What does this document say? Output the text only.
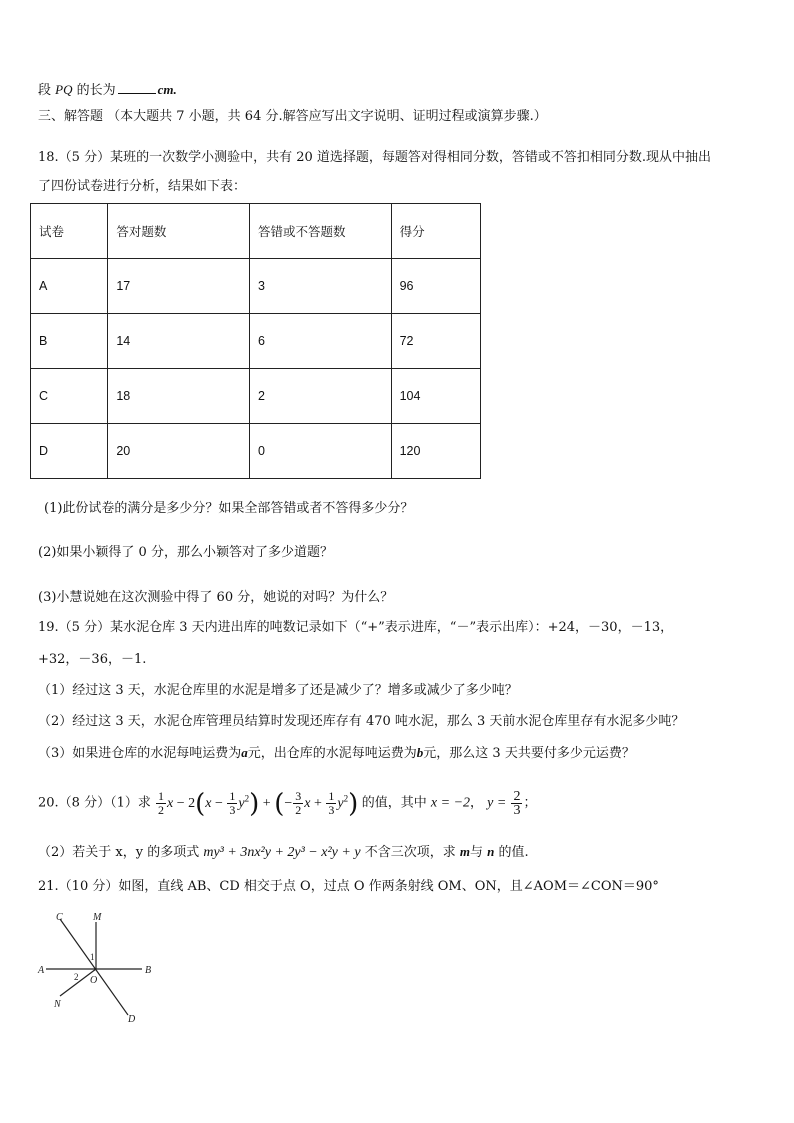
段 PQ 的长为	cm.
三、解答题 （本大题共 7 小题，共 64 分.解答应写出文字说明、证明过程或演算步骤.）
18.（5 分）某班的一次数学小测验中，共有 20 道选择题，每题答对得相同分数，答错或不答扣相同分数.现从中抽出
了四份试卷进行分析，结果如下表：
试卷	答对题数	答错或不答题数	得分
A	17	3	96
B	14	6	72
C	18	2	104
D	20	0	120
(1)此份试卷的满分是多少分？如果全部答错或者不答得多少分？
(2)如果小颖得了 0 分，那么小颖答对了多少道题？
(3)小慧说她在这次测验中得了 60 分，她说的对吗？为什么？
19.（5 分）某水泥仓库 3 天内进出库的吨数记录如下（“+”表示进库，“－”表示出库）：+24，－30，－13，
+32，－36，－1.
（1）经过这 3 天，水泥仓库里的水泥是增多了还是减少了？增多或减少了多少吨？
（2）经过这 3 天，水泥仓库管理员结算时发现还库存有 470 吨水泥，那么 3 天前水泥仓库里存有水泥多少吨？
（3）如果进仓库的水泥每吨运费为a元，出仓库的水泥每吨运费为b元，那么这 3 天共要付多少元运费？
20.（8 分）（1）求 $\frac{1}{2}$ $x - 2(x - \frac{1}{3} y^2)$ + (− $\frac{3}{2}$ $x + \frac{1}{3} y^2$) 的值，其中 x = −2， $y = \frac{2}{3}$ ；
（2）若关于 x，y 的多项式 my³ + 3nx²y + 2y³ − x²y + y 不含三次项，求 m与 n 的值.
21.（10 分）如图，直线 AB、CD 相交于点 O，过点 O 作两条射线 OM、ON，且∠AOM＝∠CON＝90°
C	M
A	B
O
N
D
1
2
